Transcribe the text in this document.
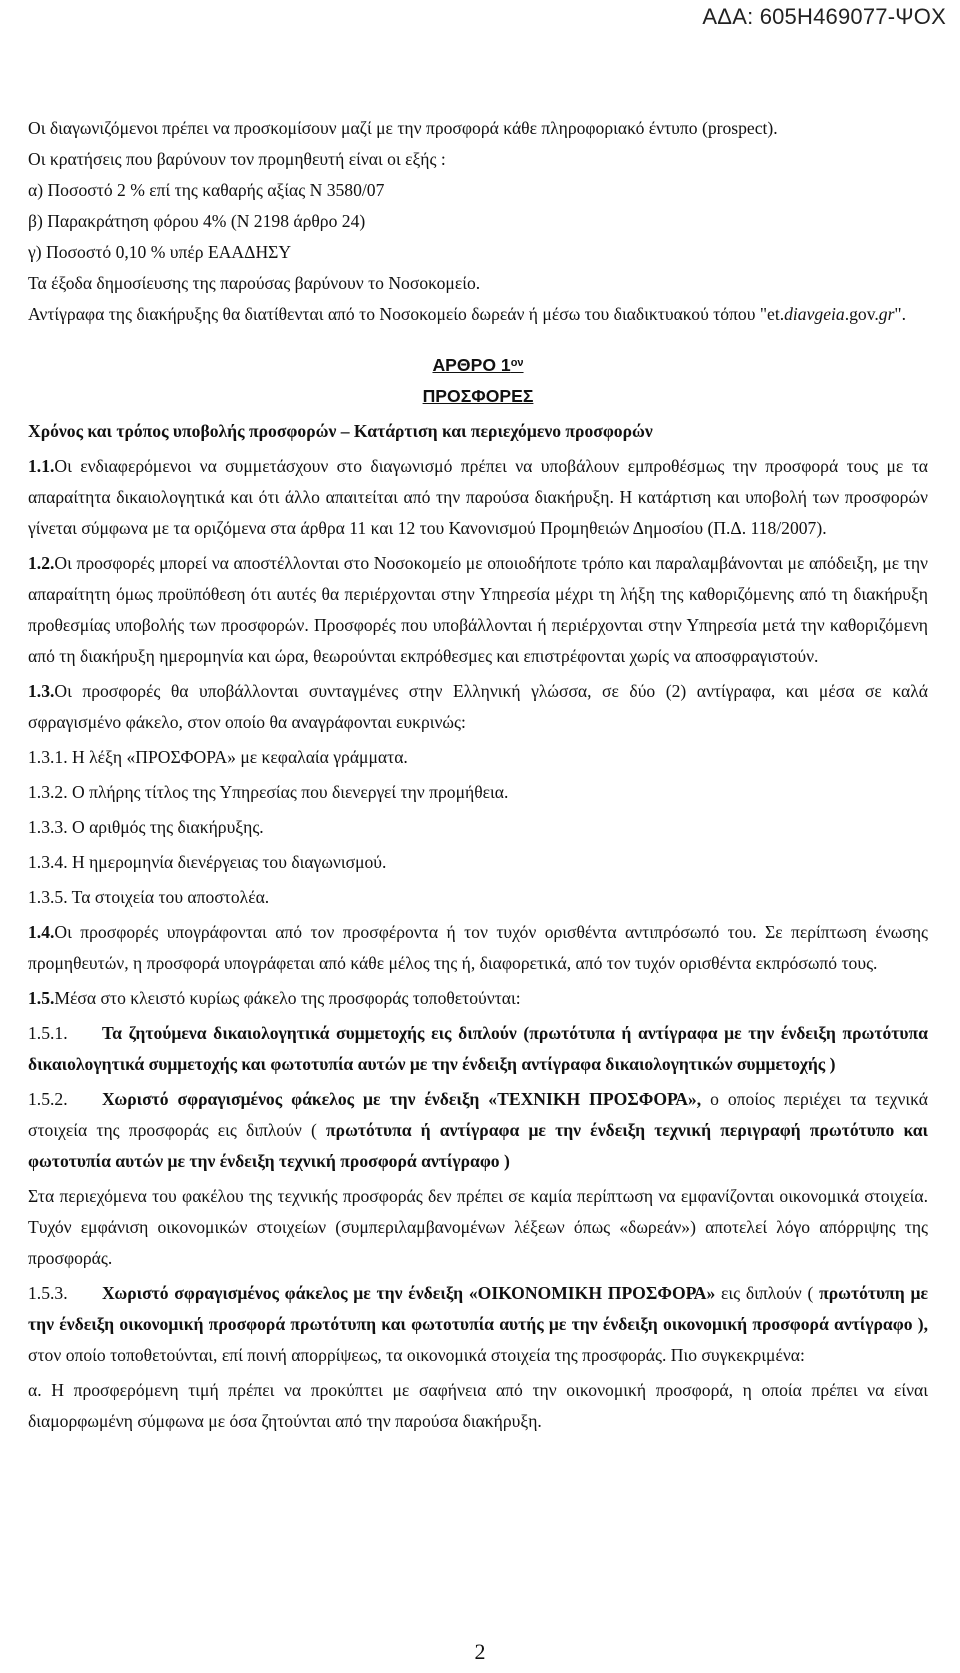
ΑΔΑ: 605Η469077-ΨΟΧ

Οι διαγωνιζόμενοι πρέπει να προσκομίσουν μαζί με την προσφορά κάθε πληροφοριακό έντυπο (prospect).

Οι κρατήσεις που βαρύνουν τον προμηθευτή είναι οι εξής :

α) Ποσοστό 2 % επί της καθαρής αξίας Ν 3580/07

β) Παρακράτηση φόρου 4% (Ν 2198 άρθρο 24)

γ) Ποσοστό 0,10 % υπέρ ΕΑΑΔΗΣΥ

Τα έξοδα δημοσίευσης της παρούσας βαρύνουν το Νοσοκομείο.

Αντίγραφα της διακήρυξης θα διατίθενται από το Νοσοκομείο δωρεάν ή μέσω του διαδικτυακού τόπου "et.diavgeia.gov.gr".

ΑΡΘΡΟ $1^{o\nu}$

ΠΡΟΣΦΟΡΕΣ

Χρόνος και τρόπος υποβολής προσφορών – Κατάρτιση και περιεχόμενο προσφορών

1.1.Οι ενδιαφερόμενοι να συμμετάσχουν στο διαγωνισμό πρέπει να υποβάλουν εμπροθέσμως την προσφορά τους με τα απαραίτητα δικαιολογητικά και ότι άλλο απαιτείται από την παρούσα διακήρυξη. Η κατάρτιση και υποβολή των προσφορών γίνεται σύμφωνα με τα οριζόμενα στα άρθρα 11 και 12 του Κανονισμού Προμηθειών Δημοσίου (Π.Δ. 118/2007).

1.2.Οι προσφορές μπορεί να αποστέλλονται στο Νοσοκομείο με οποιοδήποτε τρόπο και παραλαμβάνονται με απόδειξη, με την απαραίτητη όμως προϋπόθεση ότι αυτές θα περιέρχονται στην Υπηρεσία μέχρι τη λήξη της καθοριζόμενης από τη διακήρυξη προθεσμίας υποβολής των προσφορών. Προσφορές που υποβάλλονται ή περιέρχονται στην Υπηρεσία μετά την καθοριζόμενη από τη διακήρυξη ημερομηνία και ώρα, θεωρούνται εκπρόθεσμες και επιστρέφονται χωρίς να αποσφραγιστούν.

1.3.Οι προσφορές θα υποβάλλονται συνταγμένες στην Ελληνική γλώσσα, σε δύο (2) αντίγραφα, και μέσα σε καλά σφραγισμένο φάκελο, στον οποίο θα αναγράφονται ευκρινώς:

1.3.1. Η λέξη «ΠΡΟΣΦΟΡΑ» με κεφαλαία γράμματα.

1.3.2. Ο πλήρης τίτλος της Υπηρεσίας που διενεργεί την προμήθεια.

1.3.3. Ο αριθμός της διακήρυξης.

1.3.4. Η ημερομηνία διενέργειας του διαγωνισμού.

1.3.5. Τα στοιχεία του αποστολέα.

1.4.Οι προσφορές υπογράφονται από τον προσφέροντα ή τον τυχόν ορισθέντα αντιπρόσωπό του. Σε περίπτωση ένωσης προμηθευτών, η προσφορά υπογράφεται από κάθε μέλος της ή, διαφορετικά, από τον τυχόν ορισθέντα εκπρόσωπό τους.

1.5.Μέσα στο κλειστό κυρίως φάκελο της προσφοράς τοποθετούνται:

1.5.1. Τα ζητούμενα δικαιολογητικά συμμετοχής εις διπλούν (πρωτότυπα ή αντίγραφα με την ένδειξη πρωτότυπα δικαιολογητικά συμμετοχής και φωτοτυπία αυτών με την ένδειξη αντίγραφα δικαιολογητικών συμμετοχής )

1.5.2. Χωριστό σφραγισμένος φάκελος με την ένδειξη «ΤΕΧΝΙΚΗ ΠΡΟΣΦΟΡΑ», ο οποίος περιέχει τα τεχνικά στοιχεία της προσφοράς εις διπλούν ( πρωτότυπα ή αντίγραφα με την ένδειξη τεχνική περιγραφή πρωτότυπο και φωτοτυπία αυτών με την ένδειξη τεχνική προσφορά αντίγραφο )

Στα περιεχόμενα του φακέλου της τεχνικής προσφοράς δεν πρέπει σε καμία περίπτωση να εμφανίζονται οικονομικά στοιχεία. Τυχόν εμφάνιση οικονομικών στοιχείων (συμπεριλαμβανομένων λέξεων όπως «δωρεάν») αποτελεί λόγο απόρριψης της προσφοράς.

1.5.3. Χωριστό σφραγισμένος φάκελος με την ένδειξη «ΟΙΚΟΝΟΜΙΚΗ ΠΡΟΣΦΟΡΑ» εις διπλούν ( πρωτότυπη με την ένδειξη οικονομική προσφορά πρωτότυπη και φωτοτυπία αυτής με την ένδειξη οικονομική προσφορά αντίγραφο ), στον οποίο τοποθετούνται, επί ποινή απορρίψεως, τα οικονομικά στοιχεία της προσφοράς. Πιο συγκεκριμένα:

α. Η προσφερόμενη τιμή πρέπει να προκύπτει με σαφήνεια από την οικονομική προσφορά, η οποία πρέπει να είναι διαμορφωμένη σύμφωνα με όσα ζητούνται από την παρούσα διακήρυξη.

2
